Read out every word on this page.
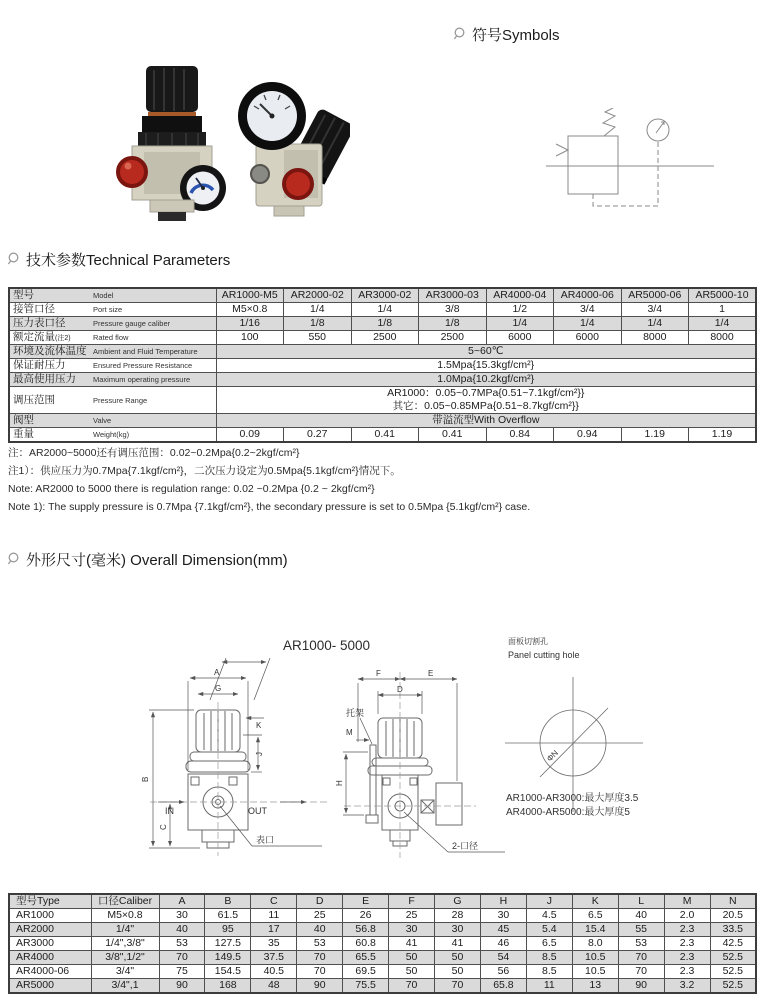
符号Symbols
技术参数Technical Parameters
型号 Model	AR1000-M5	AR2000-02	AR3000-02	AR3000-03	AR4000-04	AR4000-06	AR5000-06	AR5000-10
接管口径 Port size	M5×0.8	1/4	1/4	3/8	1/2	3/4	3/4	1
压力表口径 Pressure gauge caliber	1/16	1/8	1/8	1/8	1/4	1/4	1/4	1/4
额定流量(注2) Rated flow	100	550	2500	2500	6000	6000	8000	8000
环境及流体温度 Ambient and Fluid Temperature	5~60℃							
保证耐压力 Ensured Pressure Resistance	1.5Mpa{15.3kgf/cm²}							
最高使用压力 Maximum operating pressure	1.0Mpa{10.2kgf/cm²}							
调压范围 Pressure Range	AR1000：0.05~0.7MPa{0.51~7.1kgf/cm²}}
其它：0.05~0.85MPa{0.51~8.7kgf/cm²}}							

阀型 Valve	带溢流型With Overflow							
重量 Weight(kg)	0.09	0.27	0.41	0.41	0.84	0.94	1.19	1.19
注：AR2000~5000还有调压范围：0.02~0.2Mpa{0.2~2kgf/cm²}
注1）：供应压力为0.7Mpa{7.1kgf/cm²}，二次压力设定为0.5Mpa{5.1kgf/cm²}情况下。
Note: AR2000 to 5000 there is regulation range: 0.02 ~0.2Mpa {0.2 ~ 2kgf/cm²}
Note 1): The supply pressure is 0.7Mpa {7.1kgf/cm²}, the secondary pressure is set to 0.5Mpa {5.1kgf/cm²} case.
外形尺寸(毫米) Overall Dimension(mm)
AR1000- 5000
A
G
K
J
B
C
IN	OUT
表口
F	E
D
M
H
托架
2-口径
面板切割孔
Panel cutting hole
ΦN
AR1000-AR3000:最大厚度3.5
AR4000-AR5000:最大厚度5
型号Type	口径Caliber	A	B	C	D	E	F	G	H	J	K	L	M	N
AR1000	M5×0.8	30	61.5	11	25	26	25	28	30	4.5	6.5	40	2.0	20.5
AR2000	1/4"	40	95	17	40	56.8	30	30	45	5.4	15.4	55	2.3	33.5
AR3000	1/4",3/8"	53	127.5	35	53	60.8	41	41	46	6.5	8.0	53	2.3	42.5
AR4000	3/8",1/2"	70	149.5	37.5	70	65.5	50	50	54	8.5	10.5	70	2.3	52.5
AR4000-06	3/4"	75	154.5	40.5	70	69.5	50	50	56	8.5	10.5	70	2.3	52.5
AR5000	3/4",1	90	168	48	90	75.5	70	70	65.8	11	13	90	3.2	52.5
